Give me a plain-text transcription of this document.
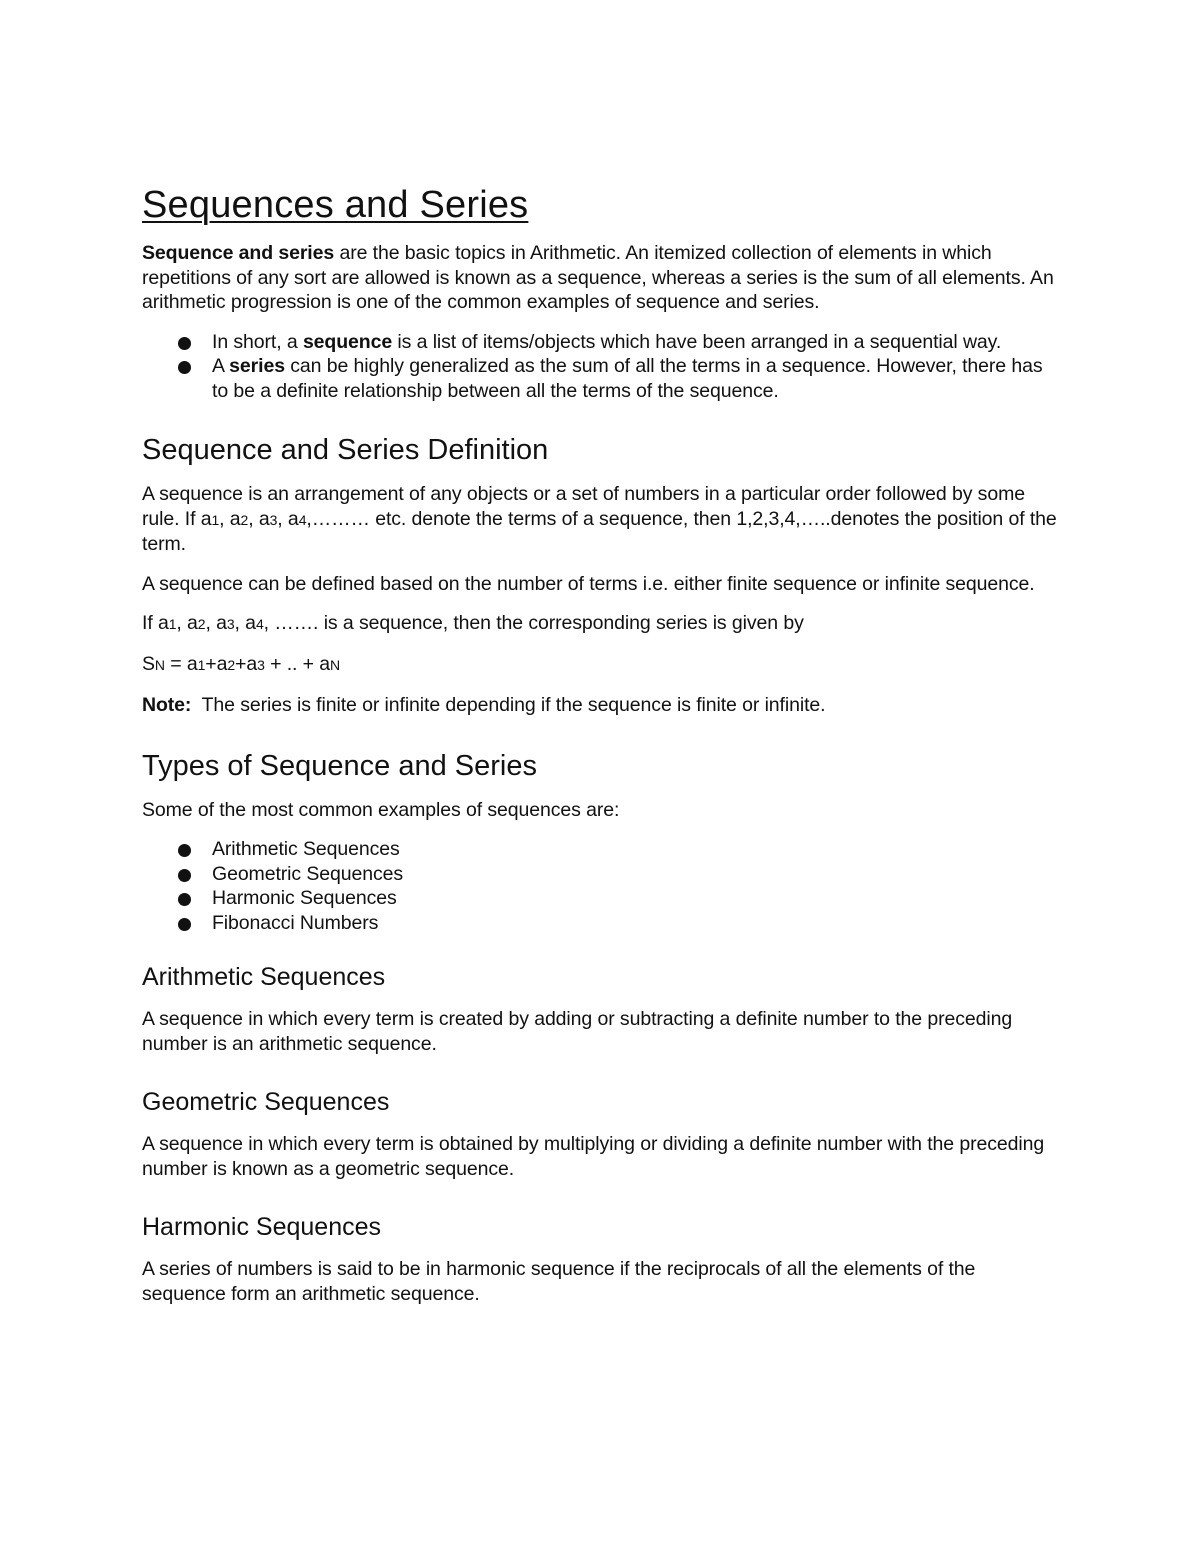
Sequences and Series

Sequence and series are the basic topics in Arithmetic. An itemized collection of elements in which repetitions of any sort are allowed is known as a sequence, whereas a series is the sum of all elements. An arithmetic progression is one of the common examples of sequence and series.

In short, a sequence is a list of items/objects which have been arranged in a sequential way.
A series can be highly generalized as the sum of all the terms in a sequence. However, there has to be a definite relationship between all the terms of the sequence.
Sequence and Series Definition

A sequence is an arrangement of any objects or a set of numbers in a particular order followed by some rule. If a1, a2, a3, a4,……… etc. denote the terms of a sequence, then 1,2,3,4,…..denotes the position of the term.

A sequence can be defined based on the number of terms i.e. either finite sequence or infinite sequence.

If a1, a2, a3, a4, ……. is a sequence, then the corresponding series is given by

SN = a1+a2+a3 + .. + aN

Note:  The series is finite or infinite depending if the sequence is finite or infinite.

Types of Sequence and Series

Some of the most common examples of sequences are:

Arithmetic Sequences
Geometric Sequences
Harmonic Sequences
Fibonacci Numbers
Arithmetic Sequences

A sequence in which every term is created by adding or subtracting a definite number to the preceding number is an arithmetic sequence.

Geometric Sequences

A sequence in which every term is obtained by multiplying or dividing a definite number with the preceding number is known as a geometric sequence.

Harmonic Sequences

A series of numbers is said to be in harmonic sequence if the reciprocals of all the elements of the sequence form an arithmetic sequence.
